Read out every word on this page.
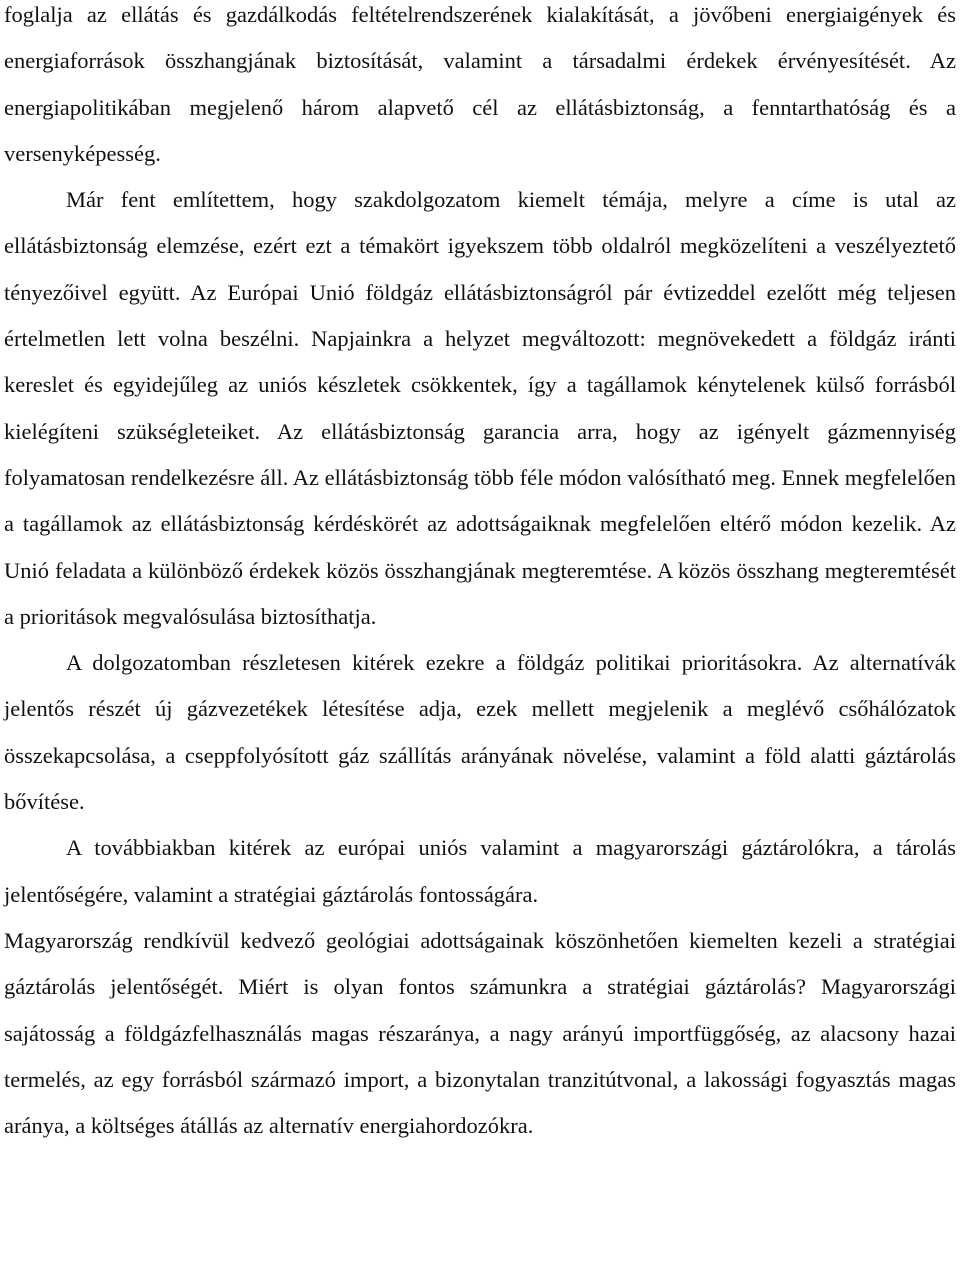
foglalja az ellátás és gazdálkodás feltételrendszerének kialakítását, a jövőbeni energiaigények és energiaforrások összhangjának biztosítását, valamint a társadalmi érdekek érvényesítését. Az energiapolitikában megjelenő három alapvető cél az ellátásbiztonság, a fenntarthatóság és a versenyképesség.

Már fent említettem, hogy szakdolgozatom kiemelt témája, melyre a címe is utal az ellátásbiztonság elemzése, ezért ezt a témakört igyekszem több oldalról megközelíteni a veszélyeztető tényezőivel együtt. Az Európai Unió földgáz ellátásbiztonságról pár évtizeddel ezelőtt még teljesen értelmetlen lett volna beszélni. Napjainkra a helyzet megváltozott: megnövekedett a földgáz iránti kereslet és egyidejűleg az uniós készletek csökkentek, így a tagállamok kénytelenek külső forrásból kielégíteni szükségleteiket. Az ellátásbiztonság garancia arra, hogy az igényelt gázmennyiség folyamatosan rendelkezésre áll. Az ellátásbiztonság több féle módon valósítható meg. Ennek megfelelően a tagállamok az ellátásbiztonság kérdéskörét az adottságaiknak megfelelően eltérő módon kezelik. Az Unió feladata a különböző érdekek közös összhangjának megteremtése. A közös összhang megteremtését a prioritások megvalósulása biztosíthatja.

A dolgozatomban részletesen kitérek ezekre a földgáz politikai prioritásokra. Az alternatívák jelentős részét új gázvezetékek létesítése adja, ezek mellett megjelenik a meglévő csőhálózatok összekapcsolása, a cseppfolyósított gáz szállítás arányának növelése, valamint a föld alatti gáztárolás bővítése.

A továbbiakban kitérek az európai uniós valamint a magyarországi gáztárolókra, a tárolás jelentőségére, valamint a stratégiai gáztárolás fontosságára.

Magyarország rendkívül kedvező geológiai adottságainak köszönhetően kiemelten kezeli a stratégiai gáztárolás jelentőségét. Miért is olyan fontos számunkra a stratégiai gáztárolás? Magyarországi sajátosság a földgázfelhasználás magas részaránya, a nagy arányú importfüggőség, az alacsony hazai termelés, az egy forrásból származó import, a bizonytalan tranzitútvonal, a lakossági fogyasztás magas aránya, a költséges átállás az alternatív energiahordozókra.
